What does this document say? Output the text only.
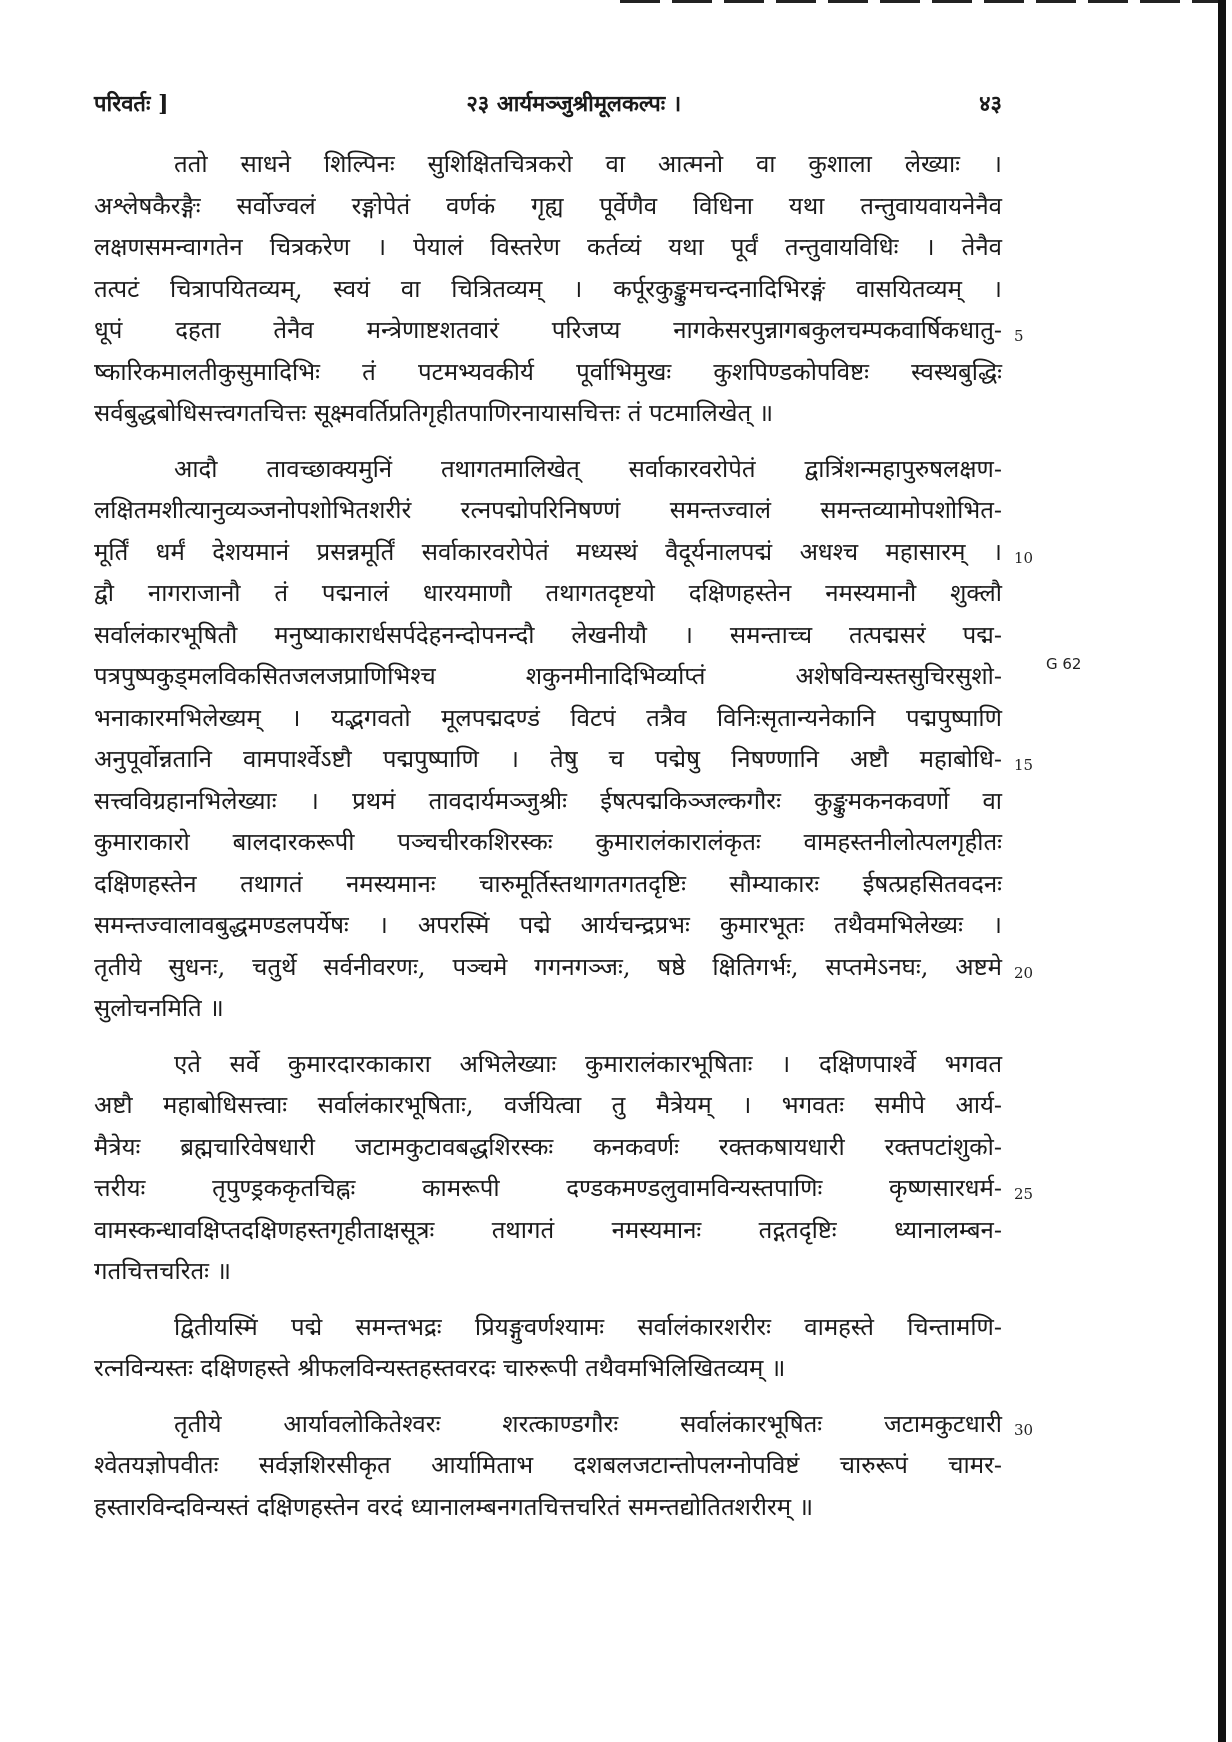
परिवर्तः ]	२३ आर्यमञ्जुश्रीमूलकल्पः ।	४३
ततो साधने शिल्पिनः सुशिक्षितचित्रकरो वा आत्मनो वा कुशाला लेख्याः ।
अश्लेषकैरङ्गैः सर्वोज्वलं रङ्गोपेतं वर्णकं गृह्य पूर्वेणैव विधिना यथा तन्तुवायवायनेनैव
लक्षणसमन्वागतेन चित्रकरेण । पेयालं विस्तरेण कर्तव्यं यथा पूर्वं तन्तुवायविधिः । तेनैव
तत्पटं चित्रापयितव्यम्, स्वयं वा चित्रितव्यम् । कर्पूरकुङ्कुमचन्दनादिभिरङ्गं वासयितव्यम् ।
धूपं दहता तेनैव मन्त्रेणाष्टशतवारं परिजप्य नागकेसरपुन्नागबकुलचम्पकवार्षिकधातु- 5
ष्कारिकमालतीकुसुमादिभिः तं पटमभ्यवकीर्य पूर्वाभिमुखः कुशपिण्डकोपविष्टः स्वस्थबुद्धिः
सर्वबुद्धबोधिसत्त्वगतचित्तः सूक्ष्मवर्तिप्रतिगृहीतपाणिरनायासचित्तः तं पटमालिखेत् ॥
आदौ तावच्छाक्यमुनिं तथागतमालिखेत् सर्वाकारवरोपेतं द्वात्रिंशन्महापुरुषलक्षण-
लक्षितमशीत्यानुव्यञ्जनोपशोभितशरीरं रत्नपद्मोपरिनिषण्णं समन्तज्वालं समन्तव्यामोपशोभित-
मूर्तिं धर्मं देशयमानं प्रसन्नमूर्तिं सर्वाकारवरोपेतं मध्यस्थं वैदूर्यनालपद्मं अधश्च महासारम् । 10
द्वौ नागराजानौ तं पद्मनालं धारयमाणौ तथागतदृष्टयो दक्षिणहस्तेन नमस्यमानौ शुक्लौ
सर्वालंकारभूषितौ मनुष्याकारार्धसर्पदेहनन्दोपनन्दौ लेखनीयौ । समन्ताच्च तत्पद्मसरं पद्म-
पत्रपुष्पकुड्मलविकसितजलजप्राणिभिश्च शकुनमीनादिभिर्व्याप्तं अशेषविन्यस्तसुचिरसुशो-
भनाकारमभिलेख्यम् । यद्भगवतो मूलपद्मदण्डं विटपं तत्रैव विनिःसृतान्यनेकानि पद्मपुष्पाणि
अनुपूर्वोन्नतानि वामपार्श्वेऽष्टौ पद्मपुष्पाणि । तेषु च पद्मेषु निषण्णानि अष्टौ महाबोधि- 15
सत्त्वविग्रहानभिलेख्याः । प्रथमं तावदार्यमञ्जुश्रीः ईषत्पद्मकिञ्जल्कगौरः कुङ्कुमकनकवर्णो वा
कुमाराकारो बालदारकरूपी पञ्चचीरकशिरस्कः कुमारालंकारालंकृतः वामहस्तनीलोत्पलगृहीतः
दक्षिणहस्तेन तथागतं नमस्यमानः चारुमूर्तिस्तथागतगतदृष्टिः सौम्याकारः ईषत्प्रहसितवदनः
समन्तज्वालावबुद्धमण्डलपर्येषः । अपरस्मिं पद्मे आर्यचन्द्रप्रभः कुमारभूतः तथैवमभिलेख्यः ।
तृतीये सुधनः, चतुर्थे सर्वनीवरणः, पञ्चमे गगनगञ्जः, षष्ठे क्षितिगर्भः, सप्तमेऽनघः, अष्टमे 20
सुलोचनमिति ॥
एते सर्वे कुमारदारकाकारा अभिलेख्याः कुमारालंकारभूषिताः । दक्षिणपार्श्वे भगवत
अष्टौ महाबोधिसत्त्वाः सर्वालंकारभूषिताः, वर्जयित्वा तु मैत्रेयम् । भगवतः समीपे आर्य-
मैत्रेयः ब्रह्मचारिवेषधारी जटामकुटावबद्धशिरस्कः कनकवर्णः रक्तकषायधारी रक्तपटांशुको-
त्तरीयः तृपुण्ड्रककृतचिह्नः कामरूपी दण्डकमण्डलुवामविन्यस्तपाणिः कृष्णसारधर्म- 25
वामस्कन्धावक्षिप्तदक्षिणहस्तगृहीताक्षसूत्रः तथागतं नमस्यमानः तद्गतदृष्टिः ध्यानालम्बन-
गतचित्तचरितः ॥
द्वितीयस्मिं पद्मे समन्तभद्रः प्रियङ्गुवर्णश्यामः सर्वालंकारशरीरः वामहस्ते चिन्तामणि-
रत्नविन्यस्तः दक्षिणहस्ते श्रीफलविन्यस्तहस्तवरदः चारुरूपी तथैवमभिलिखितव्यम् ॥
तृतीये आर्यावलोकितेश्वरः शरत्काण्डगौरः सर्वालंकारभूषितः जटामकुटधारी 30
श्वेतयज्ञोपवीतः सर्वज्ञशिरसीकृत आर्यामिताभ दशबलजटान्तोपलग्नोपविष्टं चारुरूपं चामर-
हस्तारविन्दविन्यस्तं दक्षिणहस्तेन वरदं ध्यानालम्बनगतचित्तचरितं समन्तद्योतितशरीरम् ॥
G 62
